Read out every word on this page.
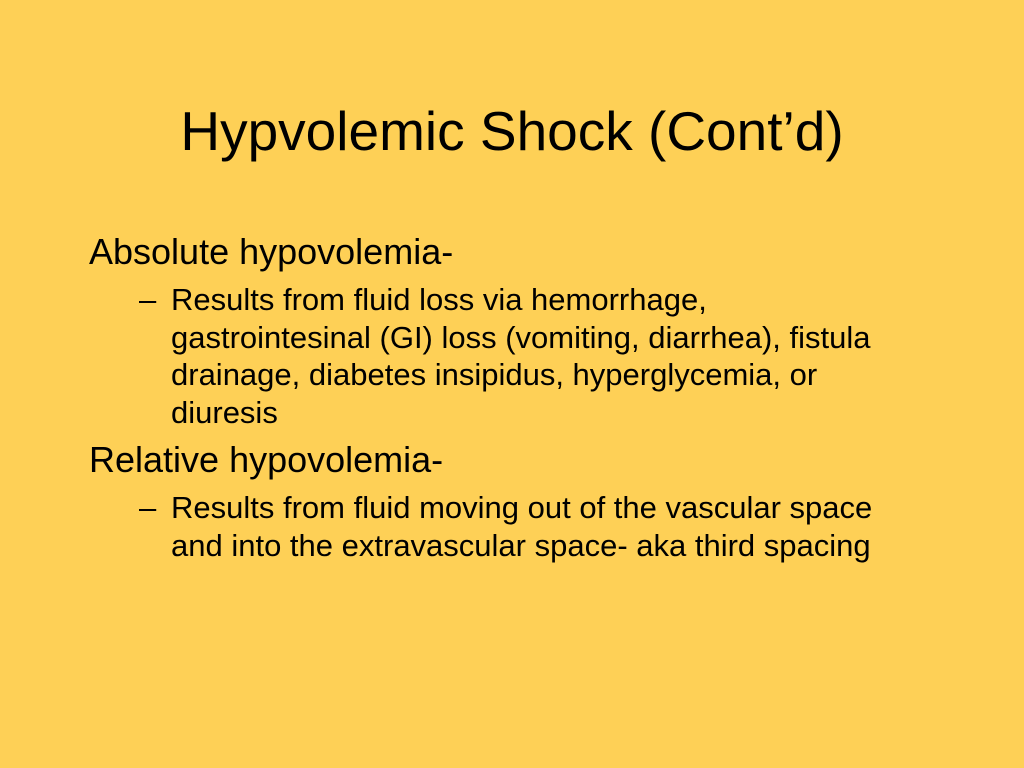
Hypvolemic Shock (Cont’d)
Absolute hypovolemia-
– Results from fluid loss via hemorrhage, gastrointesinal (GI) loss (vomiting, diarrhea), fistula drainage, diabetes insipidus, hyperglycemia, or diuresis
Relative hypovolemia-
– Results from fluid moving out of the vascular space and into the extravascular space- aka third spacing
